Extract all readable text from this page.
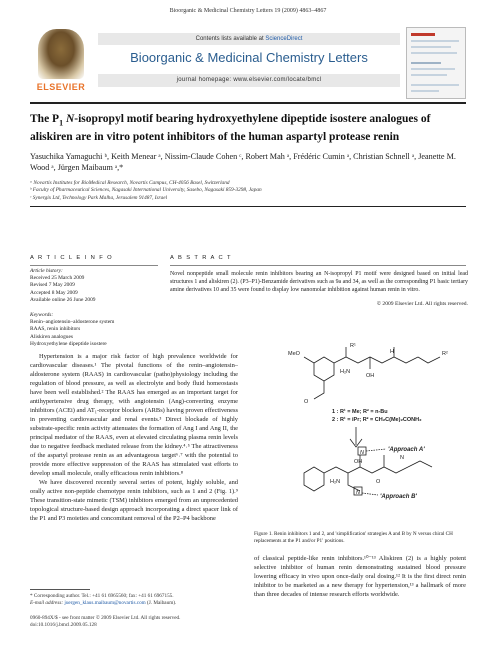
Bioorganic & Medicinal Chemistry Letters 19 (2009) 4863–4867
ELSEVIER
Contents lists available at ScienceDirect
Bioorganic & Medicinal Chemistry Letters
journal homepage: www.elsevier.com/locate/bmcl
The $P_1$ N-isopropyl motif bearing hydroxyethylene dipeptide isostere analogues of aliskiren are in vitro potent inhibitors of the human aspartyl protease renin
Yasuchika Yamaguchi ᵇ, Keith Menear ᵃ, Nissim-Claude Cohen ᶜ, Robert Mah ᵃ, Frédéric Cumin ᵃ, Christian Schnell ᵃ, Jeanette M. Wood ᵃ, Jürgen Maibaum ᵃ,*
ᵃ Novartis Institutes for BioMedical Research, Novartis Campus, CH-4056 Basel, Switzerland
ᵇ Faculty of Pharmaceutical Sciences, Nagasaki International University, Sasebo, Nagasaki 859-3298, Japan
ᶜ Synergix Ltd, Technology Park Malha, Jerusalem 91487, Israel
A R T I C L E I N F O
Article history:
Received 25 March 2009
Revised 7 May 2009
Accepted 8 May 2009
Available online 26 June 2009
Keywords:
Renin–angiotensin–aldosterone system
RAAS, renin inhibitors
Aliskiren analogues
Hydroxyethylene dipeptide isostere
A B S T R A C T
Novel nonpeptide small molecule renin inhibitors bearing an N-isopropyl P1 motif were designed based on initial lead structures 1 and aliskiren (2). (P3–P1)-Benzamide derivatives such as 9a and 34, as well as the corresponding P1 basic tertiary amine derivatives 10 and 35 were found to display low nanomolar inhibition against human renin in vitro.
© 2009 Elsevier Ltd. All rights reserved.

Hypertension is a major risk factor of high prevalence worldwide for cardiovascular diseases.¹ The pivotal functions of the renin–angiotensin–aldosterone system (RAAS) in cardiovascular (patho)physiology including the regulation of blood pressure, as well as electrolyte and body fluid homeostasis have been well established.² The RAAS has emerged as an important target for antihypertensive drug therapy, with angiotensin (Ang)-converting enzyme inhibitors (ACEi) and AT₁-receptor blockers (ARBs) having proven effectiveness in preventing cardiovascular and renal events.³ Direct blockade of highly substrate-specific renin activity attenuates the formation of Ang I and Ang II, the principal mediator of the RAAS, even at elevated circulating plasma renin levels due to negative feedback mediated release from the kidney.⁴˒⁵ The attractiveness of the aspartyl protease renin as an advantageous target⁶˒⁷ with the potential to provide more effective suppression of the RAAS has stimulated vast efforts to develop small molecule, orally efficacious renin inhibitors.⁸

We have discovered recently several series of potent, highly soluble, and orally active non-peptide chemotype renin inhibitors, such as 1 and 2 (Fig. 1).⁹ These transition-state mimetic (TSM) inhibitors emerged from an unprecedented topological structure-based design approach incorporating a direct spacer link of the P1 and P3 moieties and concomitant removal of the P2–P4 backbone

MeO
O
OH
H
H₂N
R¹
R²
1 : R¹ = Me; R² = n-Bu
2 : R¹ = iPr; R² = CH₂C(Me)₂CONH₂
N
N
O
OH
H₂N
N
'Approach A'
'Approach B'
Figure 1. Renin inhibitors 1 and 2, and 'simplification' strategies A and B by N versus chiral CH replacements at the P1 and/or P1′ positions.

of classical peptide-like renin inhibitors.¹⁰⁻¹³ Aliskiren (2) is a highly potent selective inhibitor of human renin demonstrating sustained blood pressure lowering efficacy in vivo upon once-daily oral dosing.¹² It is the first direct renin inhibitor to be marketed as a new therapy for hypertension,¹³ a hallmark of more than three decades of intense research efforts worldwide.

* Corresponding author. Tel.: +41 61 6965560; fax: +41 61 6967155.
E-mail address: juergen_klaus.maibaum@novartis.com (J. Maibaum).
0960-894X/$ - see front matter © 2009 Elsevier Ltd. All rights reserved.
doi:10.1016/j.bmcl.2009.05.128
